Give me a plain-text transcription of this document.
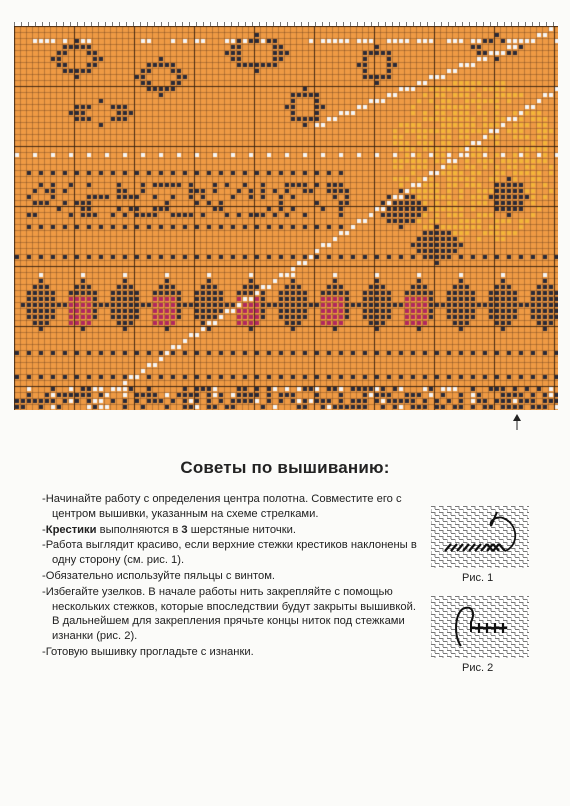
Советы по вышиванию:
-Начинайте работу с определения центра полотна. Совместите его с центром вышивки, указанным на схеме стрелками.
-Крестики выполняются в 3 шерстяные ниточки.
-Работа выглядит красиво, если верхние стежки крестиков наклонены в одну сторону (см. рис. 1).
-Обязательно используйте пяльцы с винтом.
-Избегайте узелков. В начале работы нить закрепляйте с помощью нескольких стежков, которые впоследствии будут закрыты вышивкой. В дальнейшем для закрепления прячьте концы ниток под стежками изнанки (рис. 2).
-Готовую вышивку прогладьте с изнанки.
Рис. 1
Рис. 2
